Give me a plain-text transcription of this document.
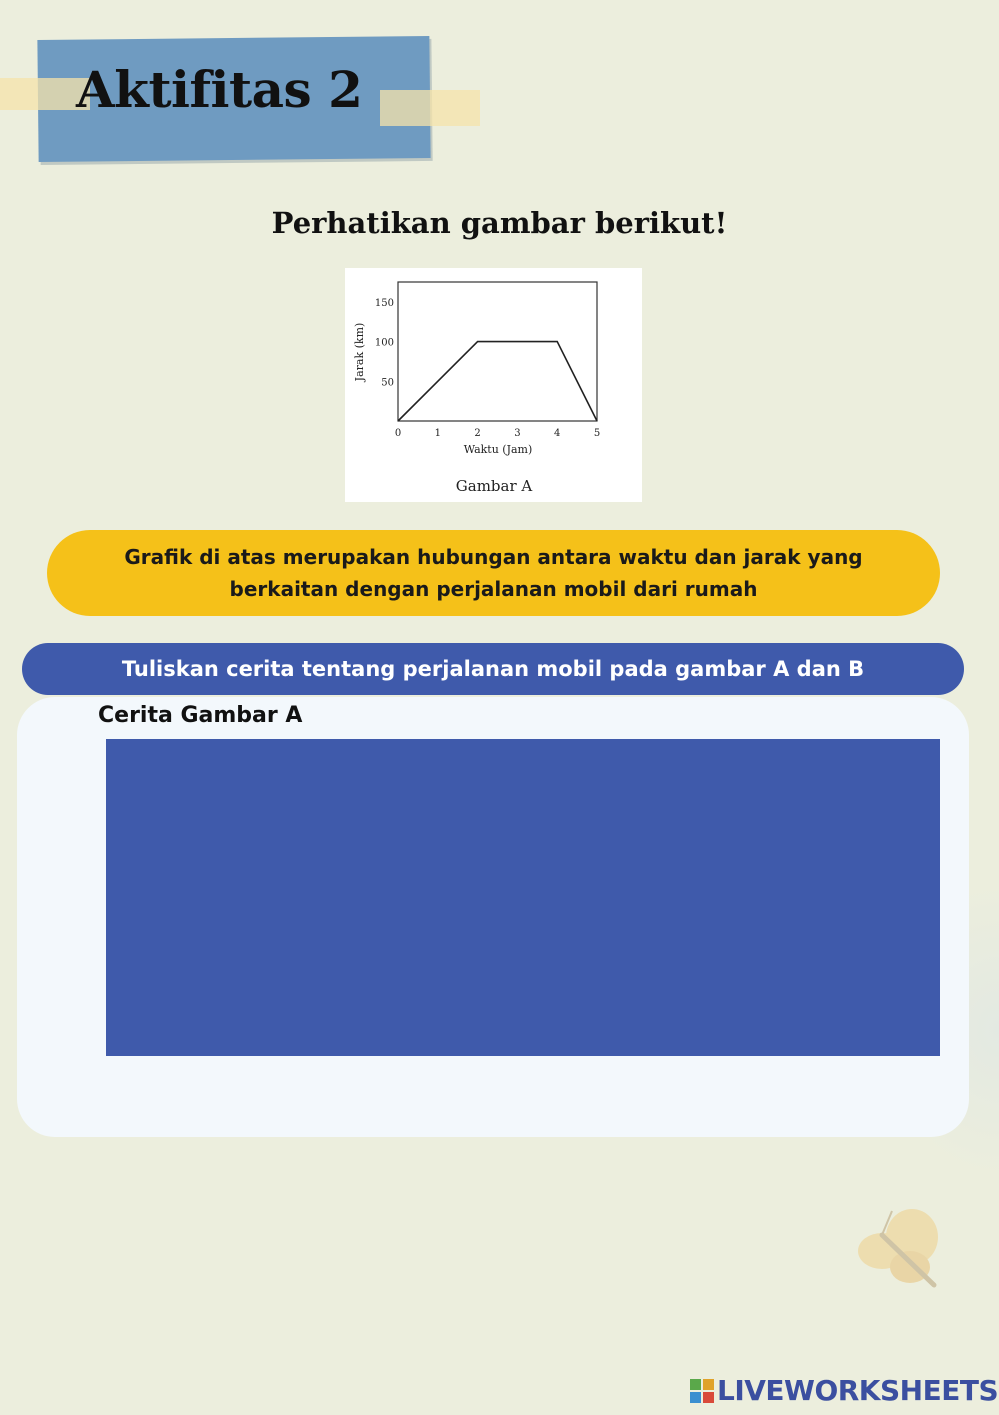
Aktifitas 2
Perhatikan gambar berikut!
50
100
150
0	1	2	3	4	5
Waktu (Jam)
Jarak (km)
Gambar A
Grafik di atas merupakan hubungan antara waktu dan jarak yang
berkaitan dengan perjalanan mobil dari rumah
Tuliskan cerita tentang perjalanan mobil pada gambar A dan B
Cerita Gambar A
LIVEWORKSHEETS
